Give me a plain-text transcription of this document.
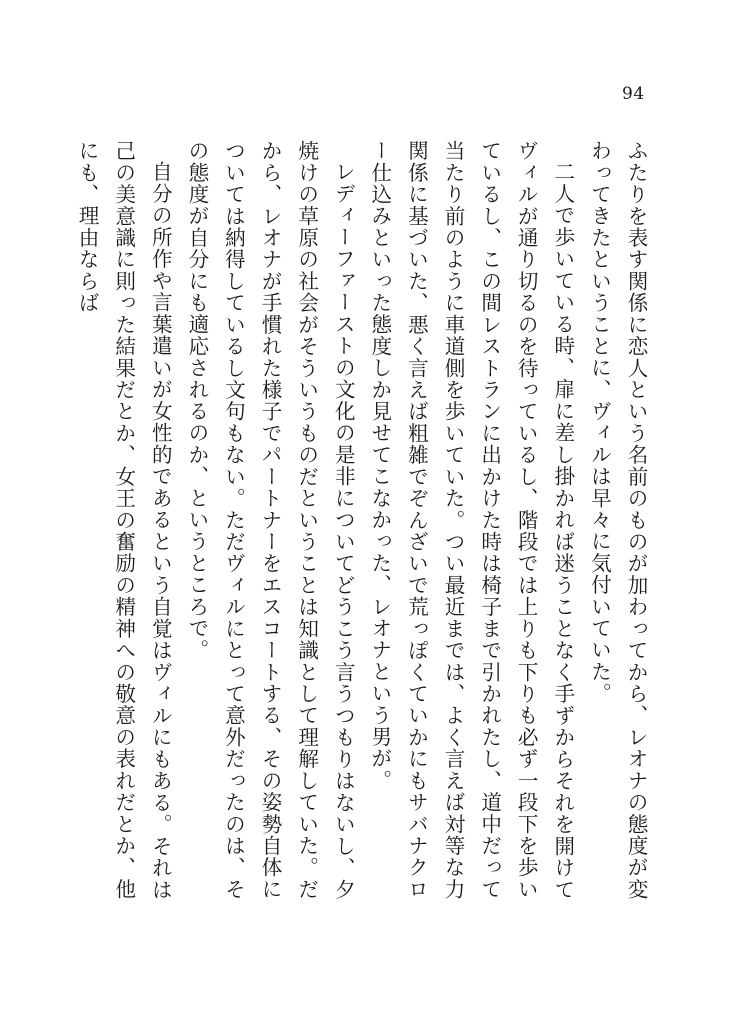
94

ふたりを表す関係に恋人という名前のものが加わってから、レオナの態度が変わってきたということに、ヴィルは早々に気付いていた。

二人で歩いている時、扉に差し掛かれば迷うことなく手ずからそれを開けてヴィルが通り切るのを待っているし、階段では上りも下りも必ず一段下を歩いているし、この間レストランに出かけた時は椅子まで引かれたし、道中だって当たり前のように車道側を歩いていた。つい最近までは、よく言えば対等な力関係に基づいた、悪く言えば粗雑でぞんざいで荒っぽくていかにもサバナクロー仕込みといった態度しか見せてこなかった、レオナという男が。

レディーファーストの文化の是非についてどうこう言うつもりはないし、夕焼けの草原の社会がそういうものだということは知識として理解していた。だから、レオナが手慣れた様子でパートナーをエスコートする、その姿勢自体については納得しているし文句もない。ただヴィルにとって意外だったのは、その態度が自分にも適応されるのか、というところで。

自分の所作や言葉遣いが女性的であるという自覚はヴィルにもある。それは己の美意識に則った結果だとか、女王の奮励の精神への敬意の表れだとか、他にも、理由ならば
